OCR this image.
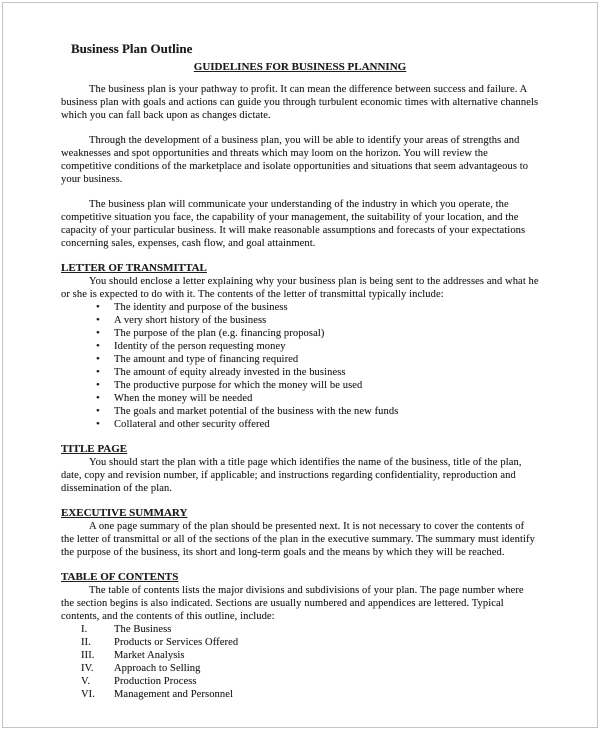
Business Plan Outline
GUIDELINES FOR BUSINESS PLANNING

The business plan is your pathway to profit. It can mean the difference between success and failure. A business plan with goals and actions can guide you through turbulent economic times with alternative channels which you can fall back upon as changes dictate.

Through the development of a business plan, you will be able to identify your areas of strengths and weaknesses and spot opportunities and threats which may loom on the horizon. You will review the competitive conditions of the marketplace and isolate opportunities and situations that seem advantageous to your business.

The business plan will communicate your understanding of the industry in which you operate, the competitive situation you face, the capability of your management, the suitability of your location, and the capacity of your particular business. It will make reasonable assumptions and forecasts of your expectations concerning sales, expenses, cash flow, and goal attainment.

LETTER OF TRANSMITTAL

You should enclose a letter explaining why your business plan is being sent to the addresses and what he or she is expected to do with it. The contents of the letter of transmittal typically include:

• The identity and purpose of the business
• A very short history of the business
• The purpose of the plan (e.g. financing proposal)
• Identity of the person requesting money
• The amount and type of financing required
• The amount of equity already invested in the business
• The productive purpose for which the money will be used
• When the money will be needed
• The goals and market potential of the business with the new funds
• Collateral and other security offered
TITLE PAGE

You should start the plan with a title page which identifies the name of the business, title of the plan, date, copy and revision number, if applicable; and instructions regarding confidentiality, reproduction and dissemination of the plan.

EXECUTIVE SUMMARY

A one page summary of the plan should be presented next. It is not necessary to cover the contents of the letter of transmittal or all of the sections of the plan in the executive summary. The summary must identify the purpose of the business, its short and long-term goals and the means by which they will be reached.

TABLE OF CONTENTS

The table of contents lists the major divisions and subdivisions of your plan. The page number where the section begins is also indicated. Sections are usually numbered and appendices are lettered. Typical contents, and the contents of this outline, include:

I.	The Business
II.	Products or Services Offered
III.	Market Analysis
IV.	Approach to Selling
V.	Production Process
VI.	Management and Personnel
